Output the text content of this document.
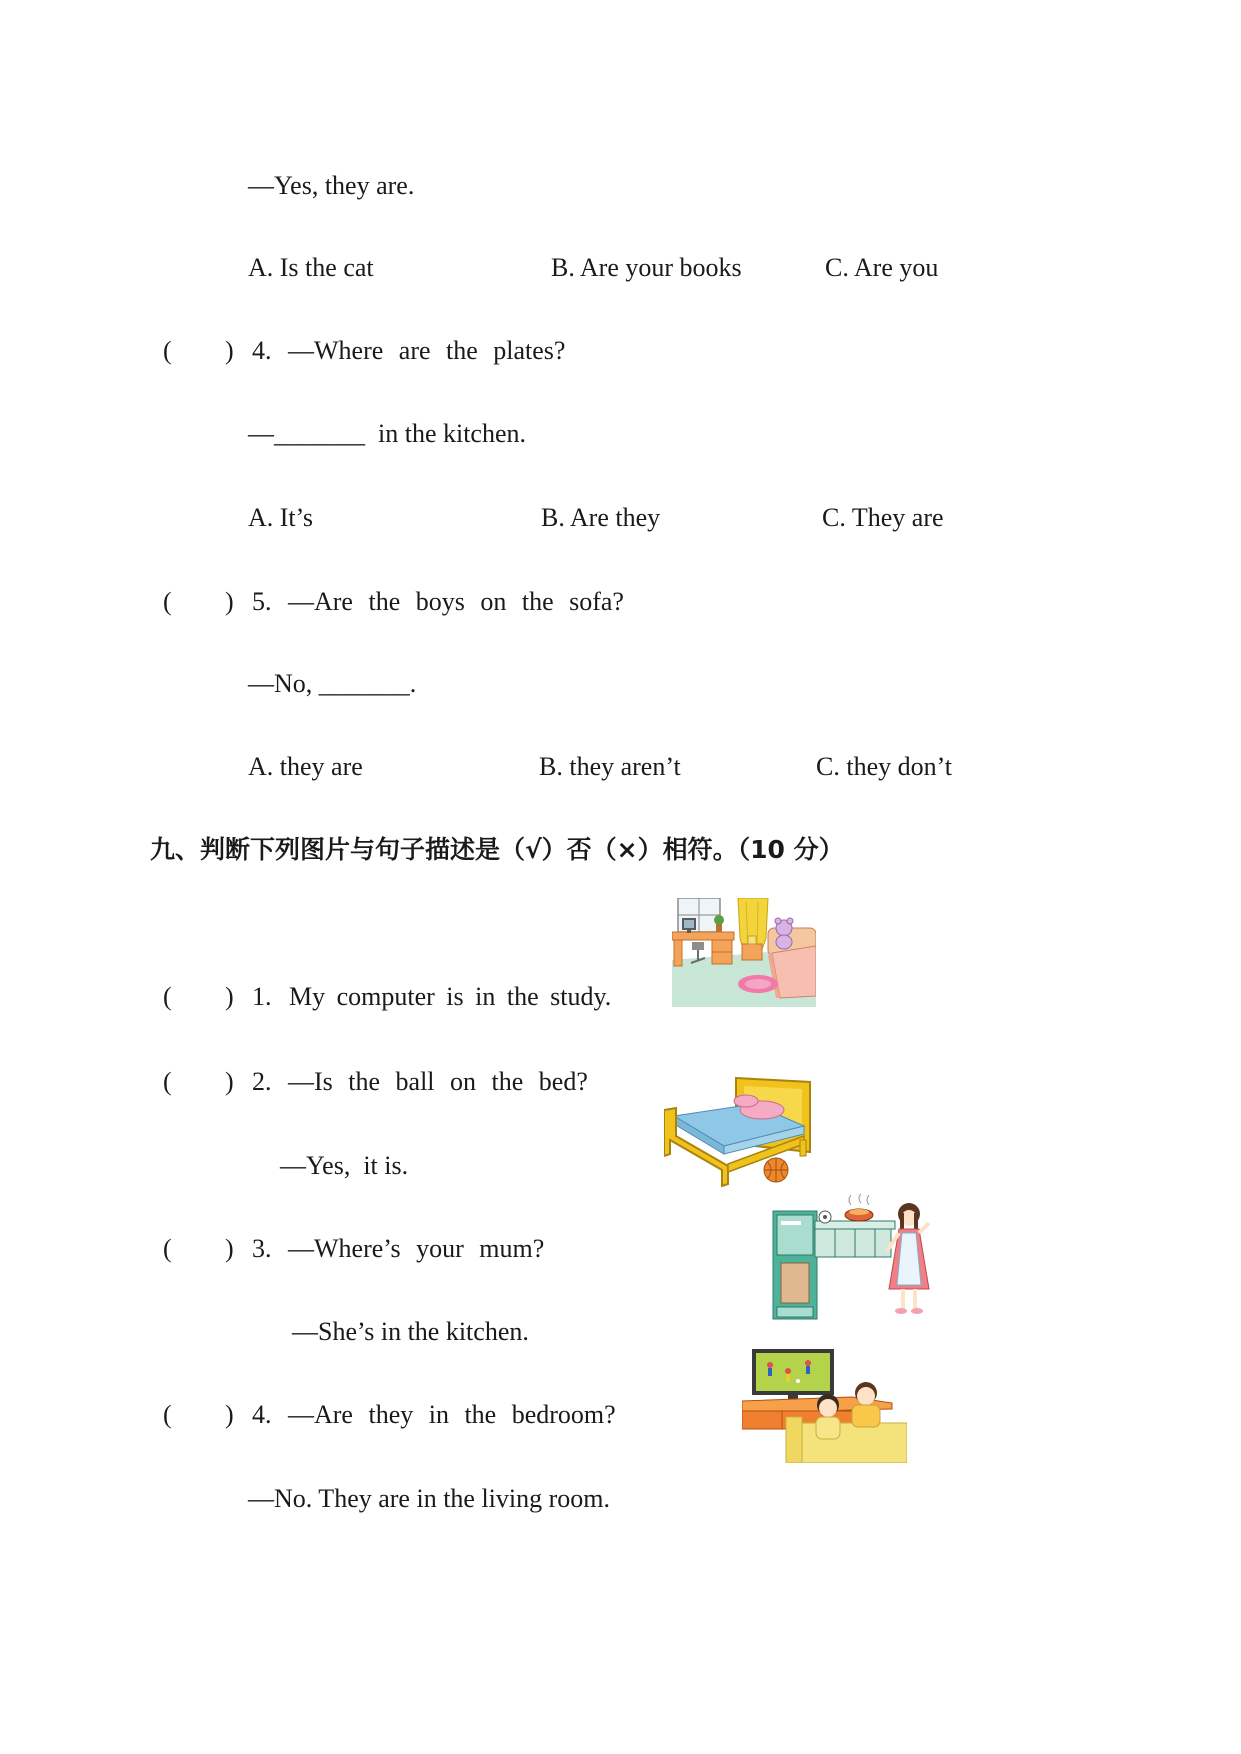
—Yes, they are.
A. Is the cat	B. Are your books	C. Are you
( ) 4. —Where are the plates?
—_______  in the kitchen.
A. It’s	B. Are they	C. They are
( ) 5. —Are the boys on the sofa?
—No, _______.
A. they are	B. they aren’t	C. they don’t
九、判断下列图片与句子描述是（√）否（×）相符。（10 分）
( ) 1. My computer is in the study.
( ) 2. —Is the ball on the bed?
—Yes,  it is.
( ) 3. —Where’s your mum?
—She’s in the kitchen.
( ) 4. —Are they in the bedroom?
—No. They are in the living room.
